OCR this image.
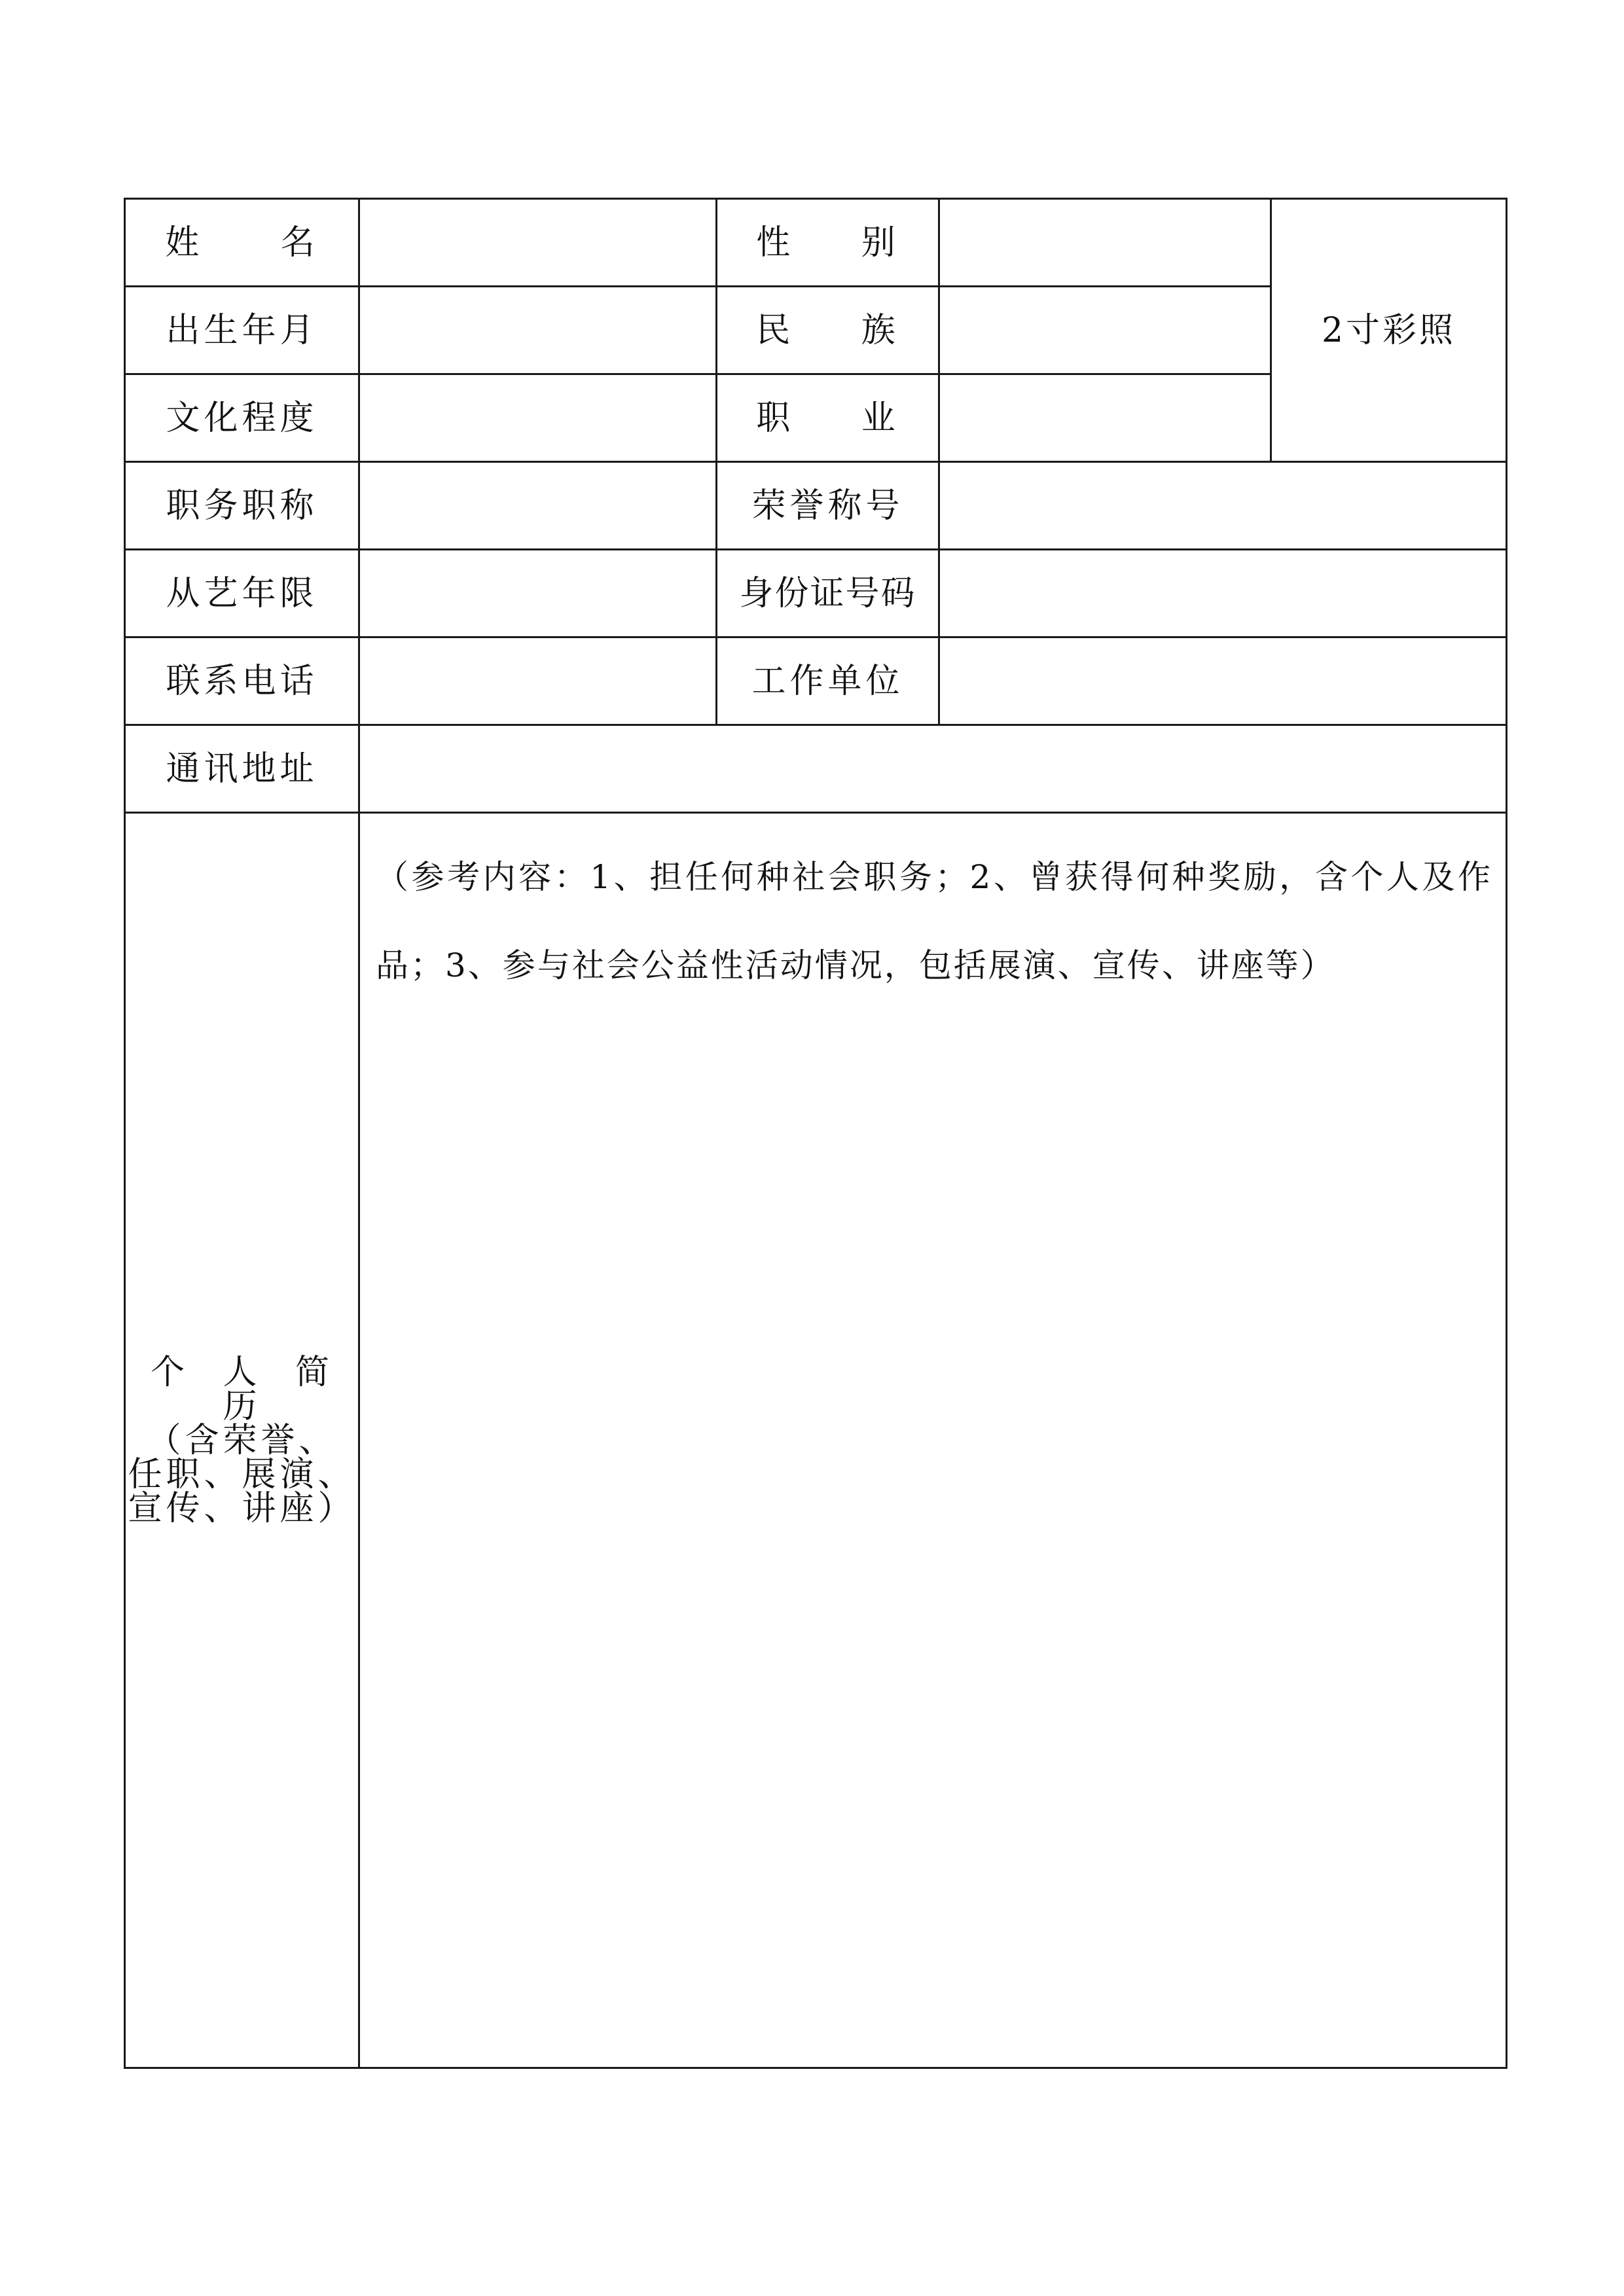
姓 名		性 别		2寸彩照

出生年月		民 族		

文化程度		职 业		

职务职称		荣誉称号		

从艺年限		身份证号码		

联系电话		工作单位		

通讯地址				

个 人 简 历
（含荣誉、
任职、展演、
宣传、讲座）	（参考内容：1、担任何种社会职务；2、曾获得何种奖励，含个人及作品；3、参与社会公益性活动情况，包括展演、宣传、讲座等）			
